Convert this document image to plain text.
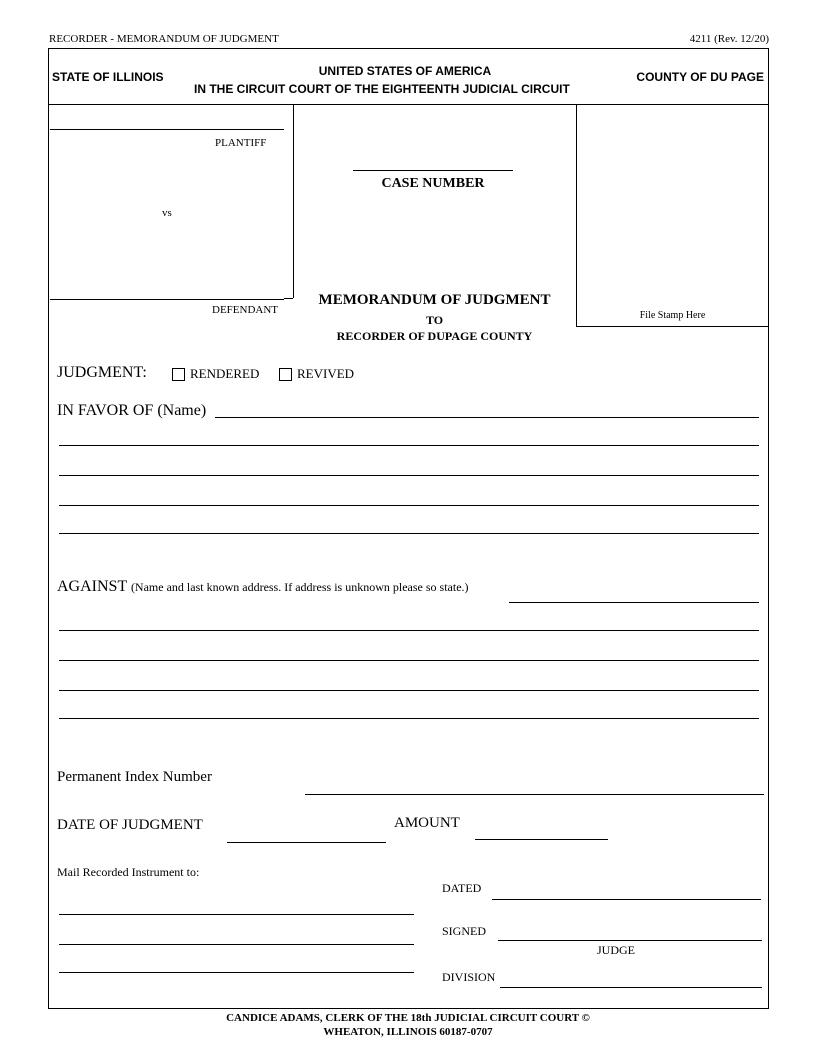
RECORDER - MEMORANDUM OF JUDGMENT	4211 (Rev. 12/20)
STATE OF ILLINOIS	UNITED STATES OF AMERICA
IN THE CIRCUIT COURT OF THE EIGHTEENTH JUDICIAL CIRCUIT
COUNTY OF DU PAGE
PLANTIFF
vs
DEFENDANT
CASE NUMBER
File Stamp Here
MEMORANDUM OF JUDGMENT
TO
RECORDER OF DUPAGE COUNTY
JUDGMENT:	RENDERED	REVIVED
IN FAVOR OF (Name)
AGAINST (Name and last known address. If address is unknown please so state.)
Permanent Index Number
DATE OF JUDGMENT	AMOUNT
Mail Recorded Instrument to:
DATED
SIGNED
JUDGE
DIVISION
CANDICE ADAMS, CLERK OF THE 18th JUDICIAL CIRCUIT COURT ©
WHEATON, ILLINOIS 60187-0707
